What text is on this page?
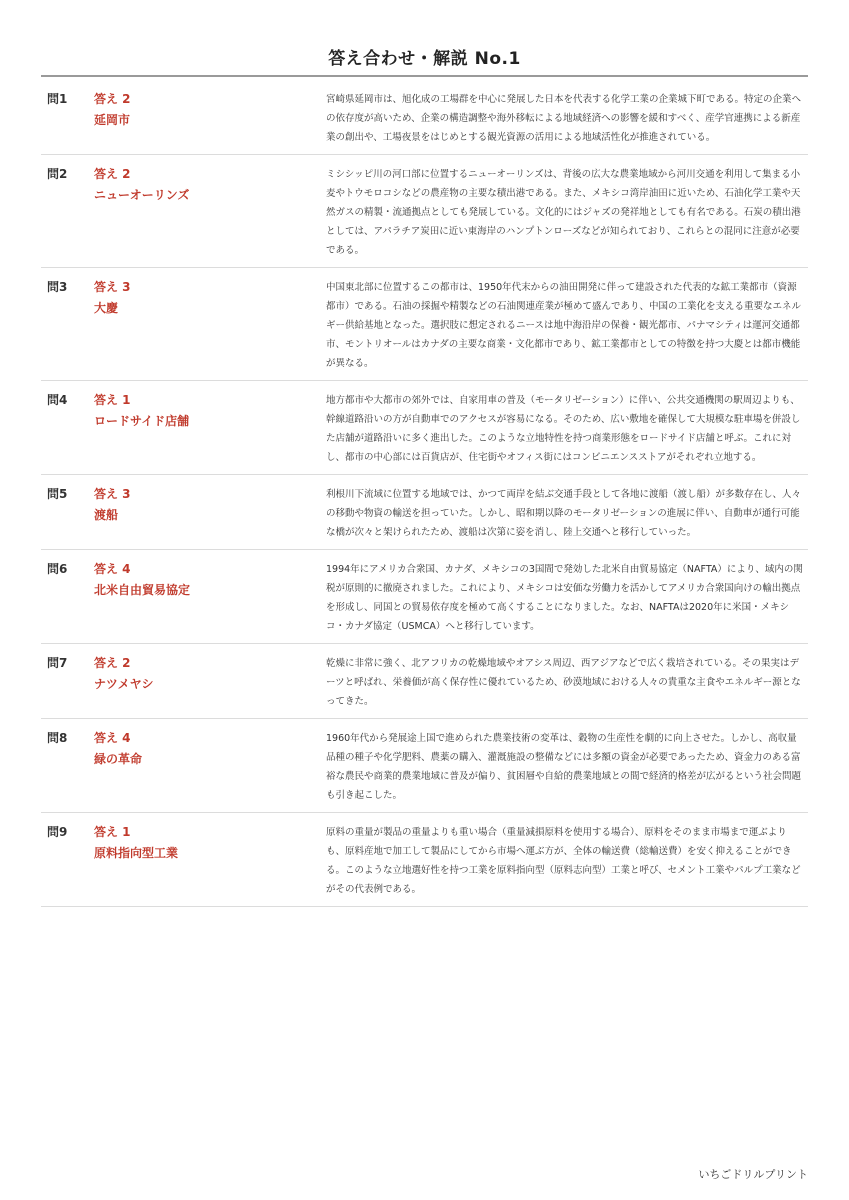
答え合わせ・解説 No.1
問1	答え 2
延岡市
宮崎県延岡市は、旭化成の工場群を中心に発展した日本を代表する化学工業の企業城下町である。特定の企業への依存度が高いため、企業の構造調整や海外移転による地域経済への影響を緩和すべく、産学官連携による新産業の創出や、工場夜景をはじめとする観光資源の活用による地域活性化が推進されている。
問2	答え 2
ニューオーリンズ
ミシシッピ川の河口部に位置するニューオーリンズは、背後の広大な農業地域から河川交通を利用して集まる小麦やトウモロコシなどの農産物の主要な積出港である。また、メキシコ湾岸油田に近いため、石油化学工業や天然ガスの精製・流通拠点としても発展している。文化的にはジャズの発祥地としても有名である。石炭の積出港としては、アパラチア炭田に近い東海岸のハンプトンローズなどが知られており、これらとの混同に注意が必要である。
問3	答え 3
大慶
中国東北部に位置するこの都市は、1950年代末からの油田開発に伴って建設された代表的な鉱工業都市（資源都市）である。石油の採掘や精製などの石油関連産業が極めて盛んであり、中国の工業化を支える重要なエネルギー供給基地となった。選択肢に想定されるニースは地中海沿岸の保養・観光都市、パナマシティは運河交通都市、モントリオールはカナダの主要な商業・文化都市であり、鉱工業都市としての特徴を持つ大慶とは都市機能が異なる。
問4	答え 1
ロードサイド店舗
地方都市や大都市の郊外では、自家用車の普及（モータリゼーション）に伴い、公共交通機関の駅周辺よりも、幹線道路沿いの方が自動車でのアクセスが容易になる。そのため、広い敷地を確保して大規模な駐車場を併設した店舗が道路沿いに多く進出した。このような立地特性を持つ商業形態をロードサイド店舗と呼ぶ。これに対し、都市の中心部には百貨店が、住宅街やオフィス街にはコンビニエンスストアがそれぞれ立地する。
問5	答え 3
渡船
利根川下流域に位置する地域では、かつて両岸を結ぶ交通手段として各地に渡船（渡し船）が多数存在し、人々の移動や物資の輸送を担っていた。しかし、昭和期以降のモータリゼーションの進展に伴い、自動車が通行可能な橋が次々と架けられたため、渡船は次第に姿を消し、陸上交通へと移行していった。
問6	答え 4
北米自由貿易協定
1994年にアメリカ合衆国、カナダ、メキシコの3国間で発効した北米自由貿易協定（NAFTA）により、域内の関税が原則的に撤廃されました。これにより、メキシコは安価な労働力を活かしてアメリカ合衆国向けの輸出拠点を形成し、同国との貿易依存度を極めて高くすることになりました。なお、NAFTAは2020年に米国・メキシコ・カナダ協定（USMCA）へと移行しています。
問7	答え 2
ナツメヤシ
乾燥に非常に強く、北アフリカの乾燥地域やオアシス周辺、西アジアなどで広く栽培されている。その果実はデーツと呼ばれ、栄養価が高く保存性に優れているため、砂漠地域における人々の貴重な主食やエネルギー源となってきた。
問8	答え 4
緑の革命
1960年代から発展途上国で進められた農業技術の変革は、穀物の生産性を劇的に向上させた。しかし、高収量品種の種子や化学肥料、農薬の購入、灌漑施設の整備などには多額の資金が必要であったため、資金力のある富裕な農民や商業的農業地域に普及が偏り、貧困層や自給的農業地域との間で経済的格差が広がるという社会問題も引き起こした。
問9	答え 1
原料指向型工業
原料の重量が製品の重量よりも重い場合（重量減損原料を使用する場合）、原料をそのまま市場まで運ぶよりも、原料産地で加工して製品にしてから市場へ運ぶ方が、全体の輸送費（総輸送費）を安く抑えることができる。このような立地選好性を持つ工業を原料指向型（原料志向型）工業と呼び、セメント工業やパルプ工業などがその代表例である。
いちごドリルプリント
